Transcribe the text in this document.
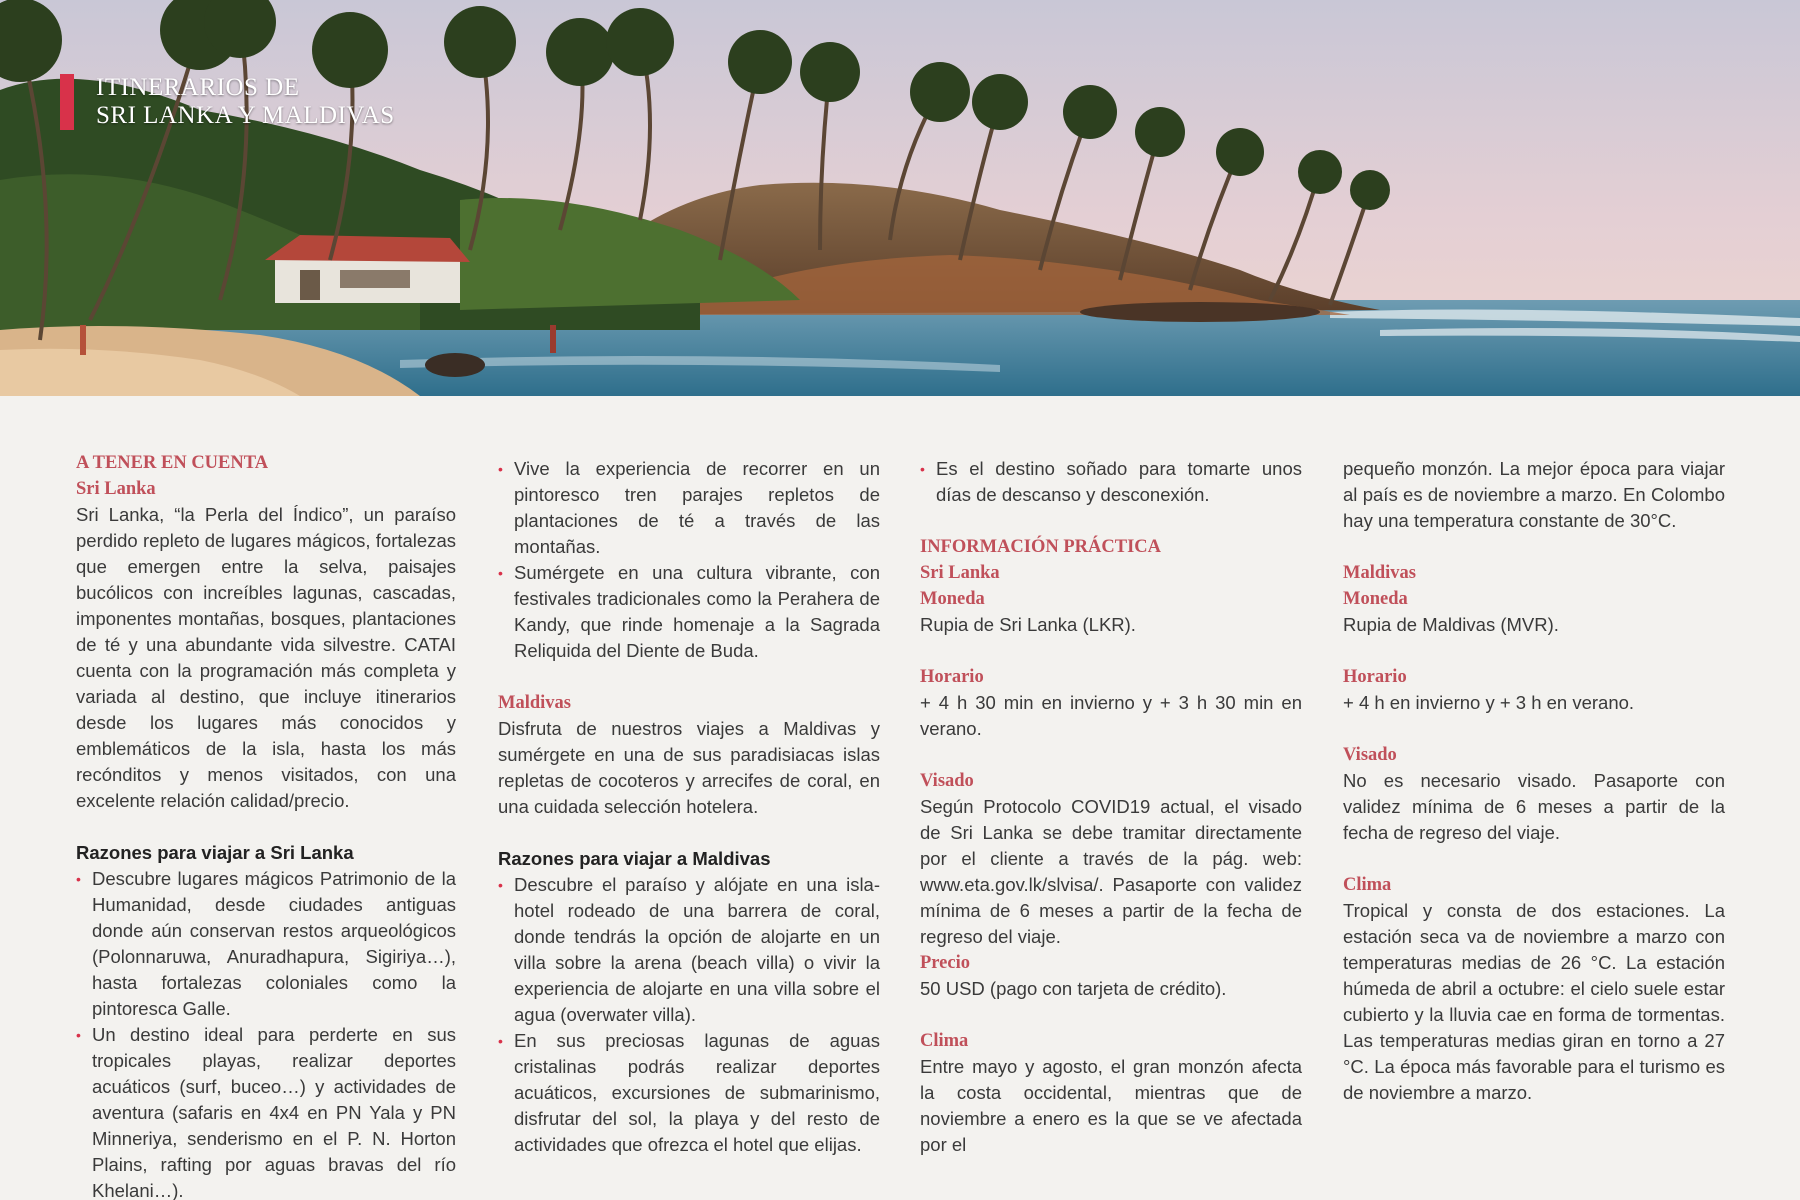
ITINERARIOS DE
SRI LANKA Y MALDIVAS
A TENER EN CUENTA
Sri Lanka

Sri Lanka, “la Perla del Índico”, un paraíso perdido repleto de lugares mágicos, fortalezas que emergen entre la selva, paisajes bucólicos con increíbles lagunas, cascadas, imponentes montañas, bosques, plantaciones de té y una abundante vida silvestre. CATAI cuenta con la programación más completa y variada al destino, que incluye itinerarios desde los lugares más conocidos y emblemáticos de la isla, hasta los más recónditos y menos visitados, con una excelente relación calidad/precio.

Razones para viajar a Sri Lanka
• Descubre lugares mágicos Patrimonio de la Humanidad, desde ciudades antiguas donde aún conservan restos arqueológicos (Polonnaruwa, Anuradhapura, Sigiriya…), hasta fortalezas coloniales como la pintoresca Galle.
• Un destino ideal para perderte en sus tropicales playas, realizar deportes acuáticos (surf, buceo…) y actividades de aventura (safaris en 4x4 en PN Yala y PN Minneriya, senderismo en el P. N. Horton Plains, rafting por aguas bravas del río Khelani…).
• Vive la experiencia de recorrer en un pintoresco tren parajes repletos de plantaciones de té a través de las montañas.
• Sumérgete en una cultura vibrante, con festivales tradicionales como la Perahera de Kandy, que rinde homenaje a la Sagrada Reliquida del Diente de Buda.
Maldivas

Disfruta de nuestros viajes a Maldivas y sumérgete en una de sus paradisiacas islas repletas de cocoteros y arrecifes de coral, en una cuidada selección hotelera.

Razones para viajar a Maldivas
• Descubre el paraíso y alójate en una isla-hotel rodeado de una barrera de coral, donde tendrás la opción de alojarte en un villa sobre la arena (beach villa) o vivir la experiencia de alojarte en una villa sobre el agua (overwater villa).
• En sus preciosas lagunas de aguas cristalinas podrás realizar deportes acuáticos, excursiones de submarinismo, disfrutar del sol, la playa y del resto de actividades que ofrezca el hotel que elijas.
• Es el destino soñado para tomarte unos días de descanso y desconexión.
INFORMACIÓN PRÁCTICA
Sri Lanka
Moneda

Rupia de Sri Lanka (LKR).

Horario

+ 4 h 30 min en invierno y + 3 h 30 min en verano.

Visado

Según Protocolo COVID19 actual, el visado de Sri Lanka se debe tramitar directamente por el cliente a través de la pág. web: www.eta.gov.lk/slvisa/. Pasaporte con validez mínima de 6 meses a partir de la fecha de regreso del viaje.

Precio

50 USD (pago con tarjeta de crédito).

Clima

Entre mayo y agosto, el gran monzón afecta la costa occidental, mientras que de noviembre a enero es la que se ve afectada por el

pequeño monzón. La mejor época para viajar al país es de noviembre a marzo. En Colombo hay una temperatura constante de 30°C.

Maldivas
Moneda

Rupia de Maldivas (MVR).

Horario

+ 4 h en invierno y + 3 h en verano.

Visado

No es necesario visado. Pasaporte con validez mínima de 6 meses a partir de la fecha de regreso del viaje.

Clima

Tropical y consta de dos estaciones. La estación seca va de noviembre a marzo con temperaturas medias de 26 °C. La estación húmeda de abril a octubre: el cielo suele estar cubierto y la lluvia cae en forma de tormentas. Las temperaturas medias giran en torno a 27 °C. La época más favorable para el turismo es de noviembre a marzo.
